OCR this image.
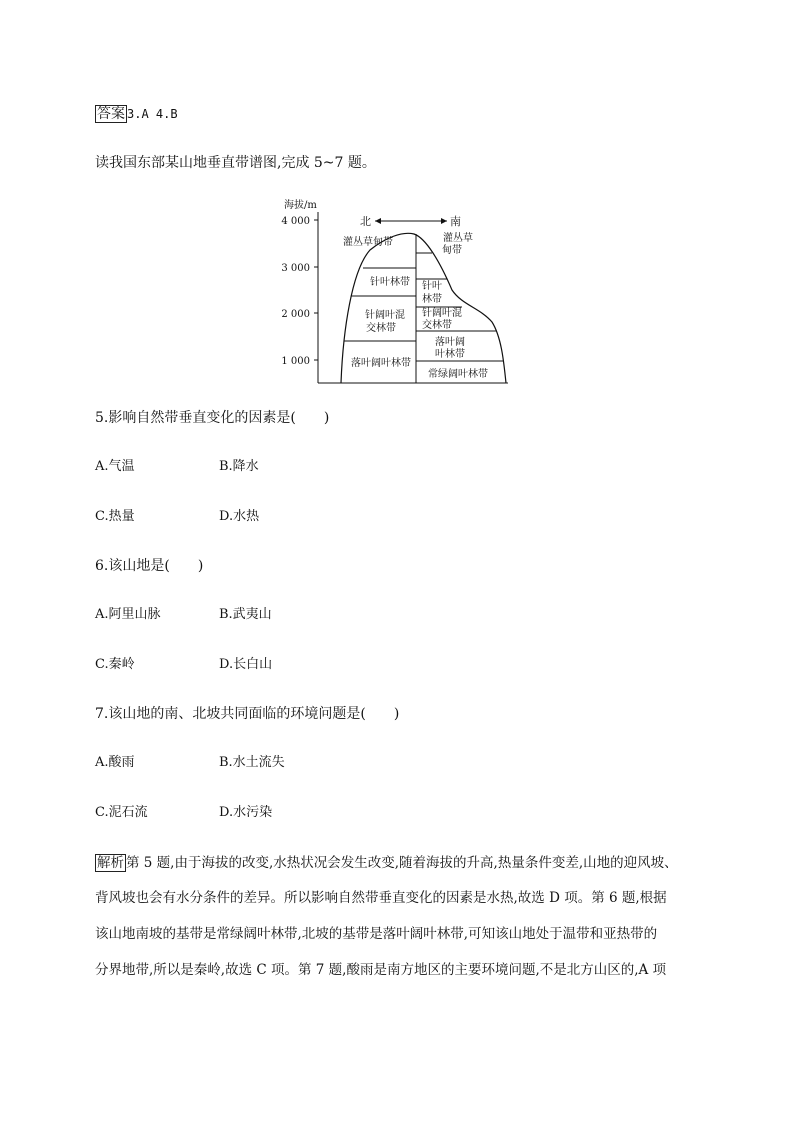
答案 3.A 4.B
读我国东部某山地垂直带谱图,完成 5~7 题。
海拔/m
4 000
3 000
2 000
1 000
北	南
灌丛草甸带
针叶林带
针阔叶混
交林带
落叶阔叶林带
灌丛草
甸带
针叶
林带
针阔叶混
交林带
落叶阔
叶林带
常绿阔叶林带
5.影响自然带垂直变化的因素是(　　)
A.气温	B.降水
C.热量	D.水热
6.该山地是(　　)
A.阿里山脉	B.武夷山
C.秦岭	D.长白山
7.该山地的南、北坡共同面临的环境问题是(　　)
A.酸雨	B.水土流失
C.泥石流	D.水污染
解析 第 5 题,由于海拔的改变,水热状况会发生改变,随着海拔的升高,热量条件变差,山地的迎风坡、
背风坡也会有水分条件的差异。所以影响自然带垂直变化的因素是水热,故选 D 项。第 6 题,根据
该山地南坡的基带是常绿阔叶林带,北坡的基带是落叶阔叶林带,可知该山地处于温带和亚热带的
分界地带,所以是秦岭,故选 C 项。第 7 题,酸雨是南方地区的主要环境问题,不是北方山区的,A 项
